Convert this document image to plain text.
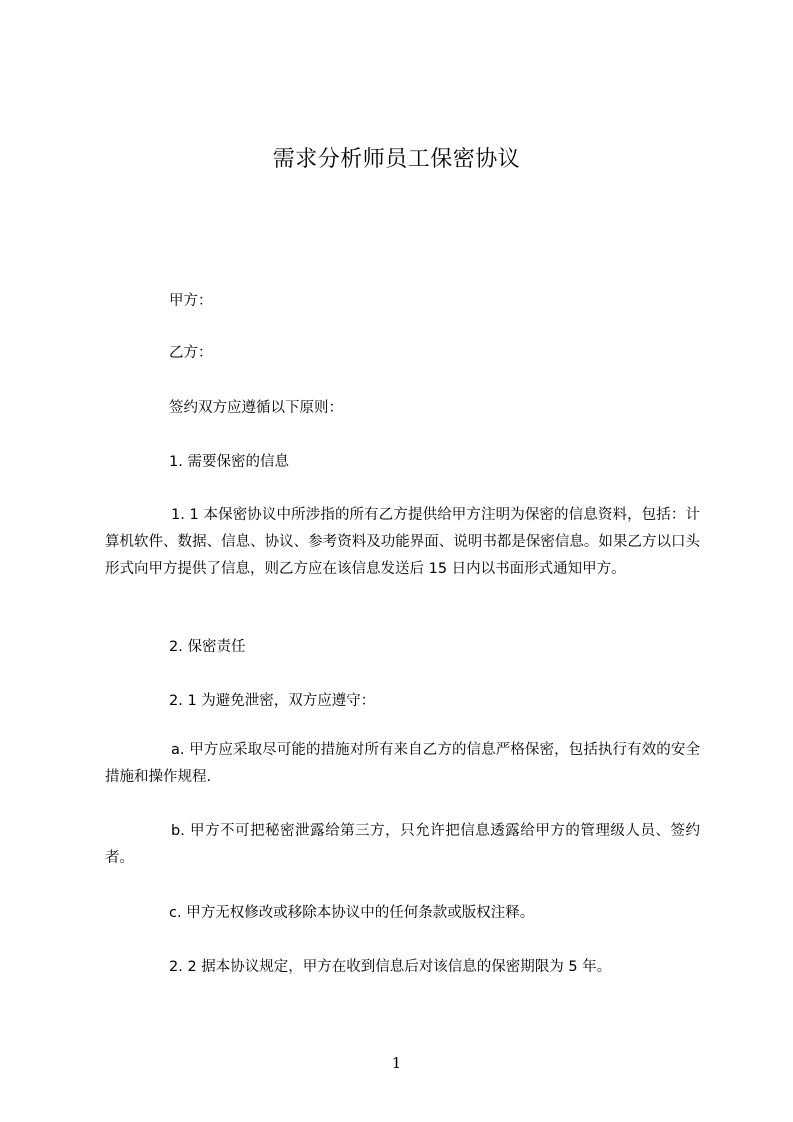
需求分析师员工保密协议

甲方：

乙方：

签约双方应遵循以下原则：

1. 需要保密的信息

1. 1 本保密协议中所涉指的所有乙方提供给甲方注明为保密的信息资料，包括：计算机软件、数据、信息、协议、参考资料及功能界面、说明书都是保密信息。如果乙方以口头形式向甲方提供了信息，则乙方应在该信息发送后 15 日内以书面形式通知甲方。

2. 保密责任

2. 1 为避免泄密，双方应遵守：

a. 甲方应采取尽可能的措施对所有来自乙方的信息严格保密，包括执行有效的安全措施和操作规程.

b. 甲方不可把秘密泄露给第三方，只允许把信息透露给甲方的管理级人员、签约者。

c. 甲方无权修改或移除本协议中的任何条款或版权注释。

2. 2 据本协议规定，甲方在收到信息后对该信息的保密期限为 5 年。

1
